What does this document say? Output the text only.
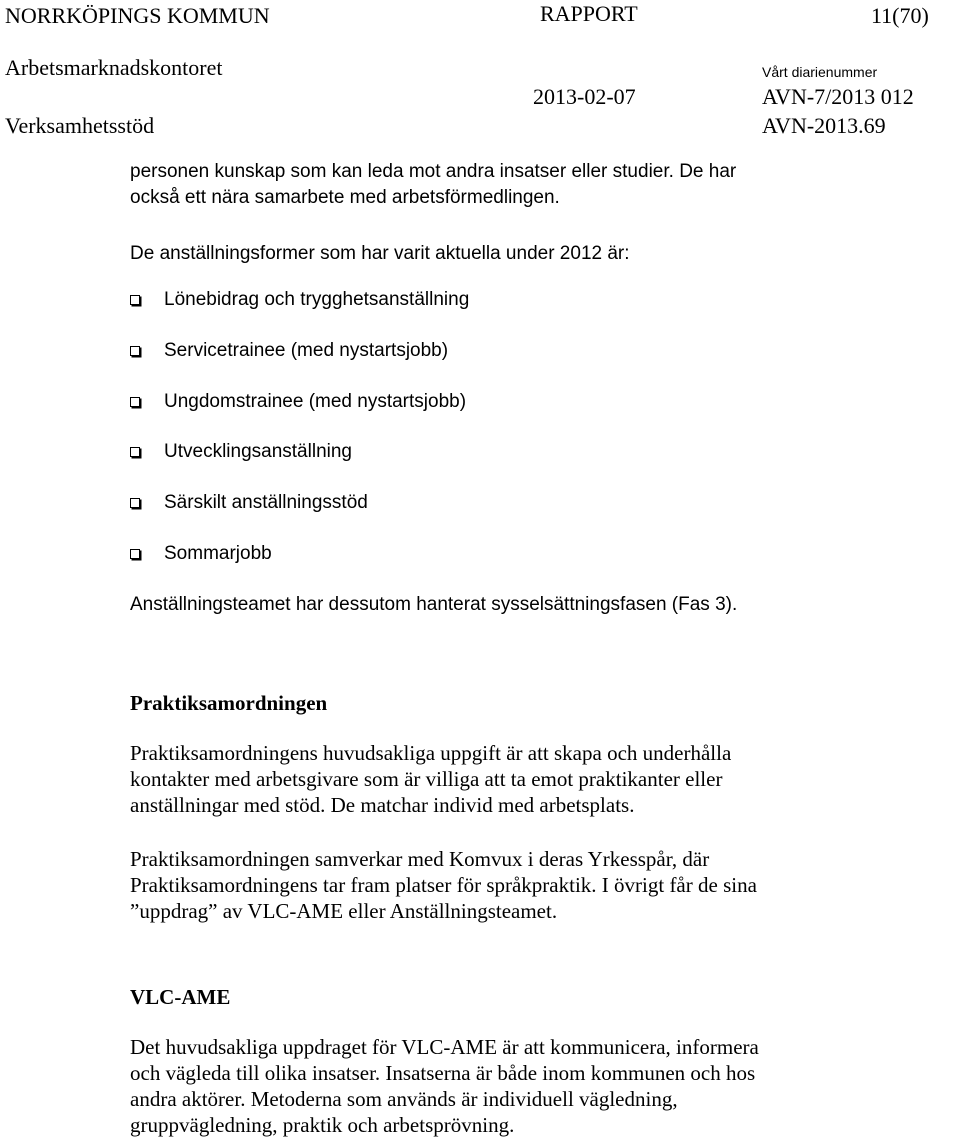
NORRKÖPINGS KOMMUN	RAPPORT	11(70)
Arbetsmarknadskontoret	Vårt diarienummer
2013-02-07	AVN-7/2013 012
Verksamhetsstöd	AVN-2013.69
personen kunskap som kan leda mot andra insatser eller studier. De har
också ett nära samarbete med arbetsförmedlingen.
De anställningsformer som har varit aktuella under 2012 är:
Lönebidrag och trygghetsanställning
Servicetrainee (med nystartsjobb)
Ungdomstrainee (med nystartsjobb)
Utvecklingsanställning
Särskilt anställningsstöd
Sommarjobb
Anställningsteamet har dessutom hanterat sysselsättningsfasen (Fas 3).
Praktiksamordningen
Praktiksamordningens huvudsakliga uppgift är att skapa och underhålla
kontakter med arbetsgivare som är villiga att ta emot praktikanter eller
anställningar med stöd. De matchar individ med arbetsplats.
Praktiksamordningen samverkar med Komvux i deras Yrkesspår, där
Praktiksamordningens tar fram platser för språkpraktik. I övrigt får de sina
”uppdrag” av VLC-AME eller Anställningsteamet.
VLC-AME
Det huvudsakliga uppdraget för VLC-AME är att kommunicera, informera
och vägleda till olika insatser. Insatserna är både inom kommunen och hos
andra aktörer. Metoderna som används är individuell vägledning,
gruppvägledning, praktik och arbetsprövning.
